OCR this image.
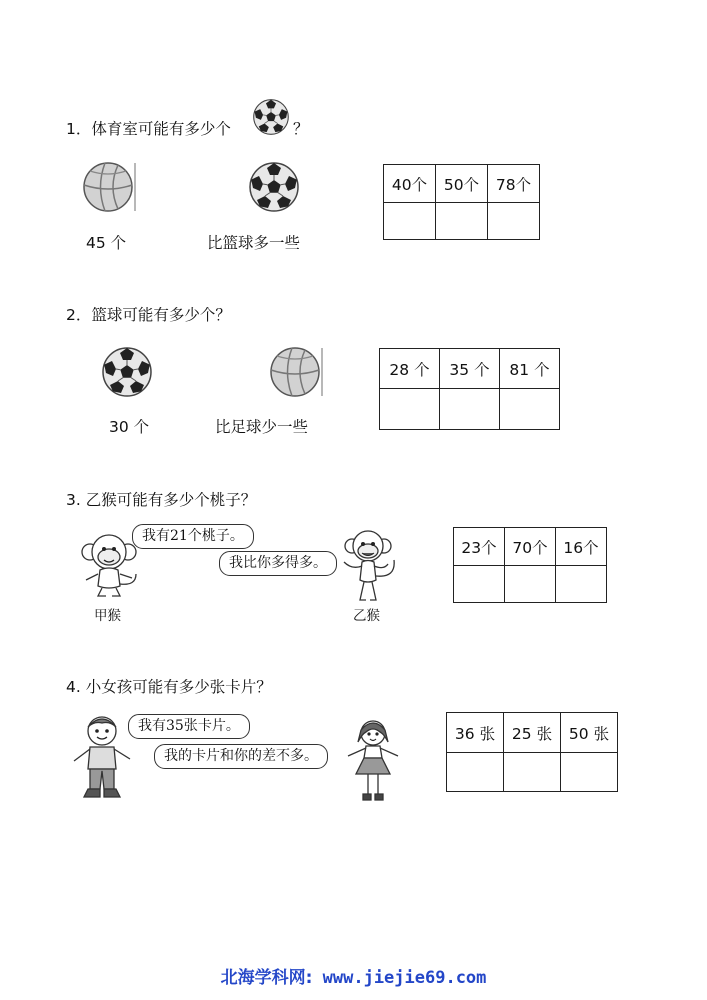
1．体育室可能有多少个	？
45 个	比篮球多一些
40个	50个	78个

2．篮球可能有多少个？
30 个	比足球少一些
28 个	35 个	81 个

3. 乙猴可能有多少个桃子？
甲猴
我有21个桃子。
我比你多得多。
乙猴
23个	70个	16个

4. 小女孩可能有多少张卡片？
我有35张卡片。
我的卡片和你的差不多。
36 张	25 张	50 张

北海学科网: www.jiejie69.com
